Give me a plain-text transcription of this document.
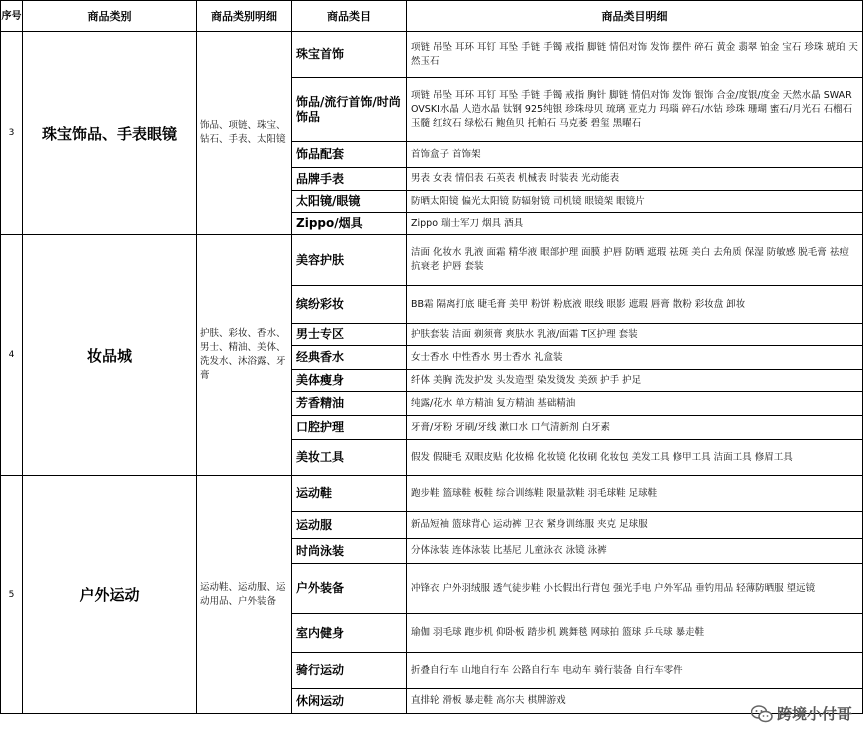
序号	商品类别	商品类别明细	商品类目	商品类目明细
3	珠宝饰品、手表眼镜	饰品、项链、珠宝、钻石、手表、太阳镜	珠宝首饰	项链 吊坠 耳环 耳钉 耳坠 手链 手镯 戒指 脚链 情侣对饰 发饰 摆件 碎石 黄金 翡翠 铂金 宝石 珍珠 琥珀 天然玉石
			饰品/流行首饰/时尚饰品	项链 吊坠 耳环 耳钉 耳坠 手链 手镯 戒指 胸针 脚链 情侣对饰 发饰 银饰 合金/度银/度金 天然水晶 SWAROVSKI水晶 人造水晶 钛钢 925纯银 珍珠母贝 琉璃 亚克力 玛瑙 碎石/水钻 珍珠 珊瑚 蜜石/月光石 石榴石 玉髓 红纹石 绿松石 鲍鱼贝 托帕石 马克萎 碧玺 黑曜石
			饰品配套	首饰盒子 首饰架
			品牌手表	男表 女表 情侣表 石英表 机械表 时装表 光动能表
			太阳镜/眼镜	防晒太阳镜 偏光太阳镜 防辐射镜 司机镜 眼镜架 眼镜片
			Zippo/烟具	Zippo 瑞士军刀 烟具 酒具
4	妆品城	护肤、彩妆、香水、男士、精油、美体、洗发水、沐浴露、牙膏	美容护肤	洁面 化妆水 乳液 面霜 精华液 眼部护理 面膜 护唇 防晒 遮瑕 祛斑 美白 去角质 保湿 防敏感 脱毛膏 祛痘 抗衰老 护唇 套装
			缤纷彩妆	BB霜 隔离打底 睫毛膏 美甲 粉饼 粉底液 眼线 眼影 遮瑕 唇膏 散粉 彩妆盘 卸妆
			男士专区	护肤套装 洁面 剃须膏 爽肤水 乳液/面霜 T区护理 套装
			经典香水	女士香水 中性香水 男士香水 礼盒装
			美体瘦身	纤体 美胸 洗发护发 头发造型 染发烫发 美颈 护手 护足
			芳香精油	纯露/花水 单方精油 复方精油 基础精油
			口腔护理	牙膏/牙粉 牙刷/牙线 漱口水 口气清新剂 白牙素
			美妆工具	假发 假睫毛 双眼皮贴 化妆棉 化妆镜 化妆刷 化妆包 美发工具 修甲工具 洁面工具 修眉工具
5	户外运动	运动鞋、运动服、运动用品、户外装备	运动鞋	跑步鞋 篮球鞋 板鞋 综合训练鞋 限量款鞋 羽毛球鞋 足球鞋
			运动服	新品短袖 篮球背心 运动裤 卫衣 紧身训练服 夹克 足球服
			时尚泳装	分体泳装 连体泳装 比基尼 儿童泳衣 泳镜 泳裤
			户外装备	冲锋衣 户外羽绒服 透气徒步鞋 小长假出行背包 强光手电 户外军品 垂钓用品 轻薄防晒服 望远镜
			室内健身	瑜伽 羽毛球 跑步机 仰卧板 踏步机 跳舞毯 网球拍 篮球 乒乓球 暴走鞋
			骑行运动	折叠自行车 山地自行车 公路自行车 电动车 骑行装备 自行车零件
			休闲运动	直排轮 滑板 暴走鞋 高尔夫 棋牌游戏
跨境小付哥
